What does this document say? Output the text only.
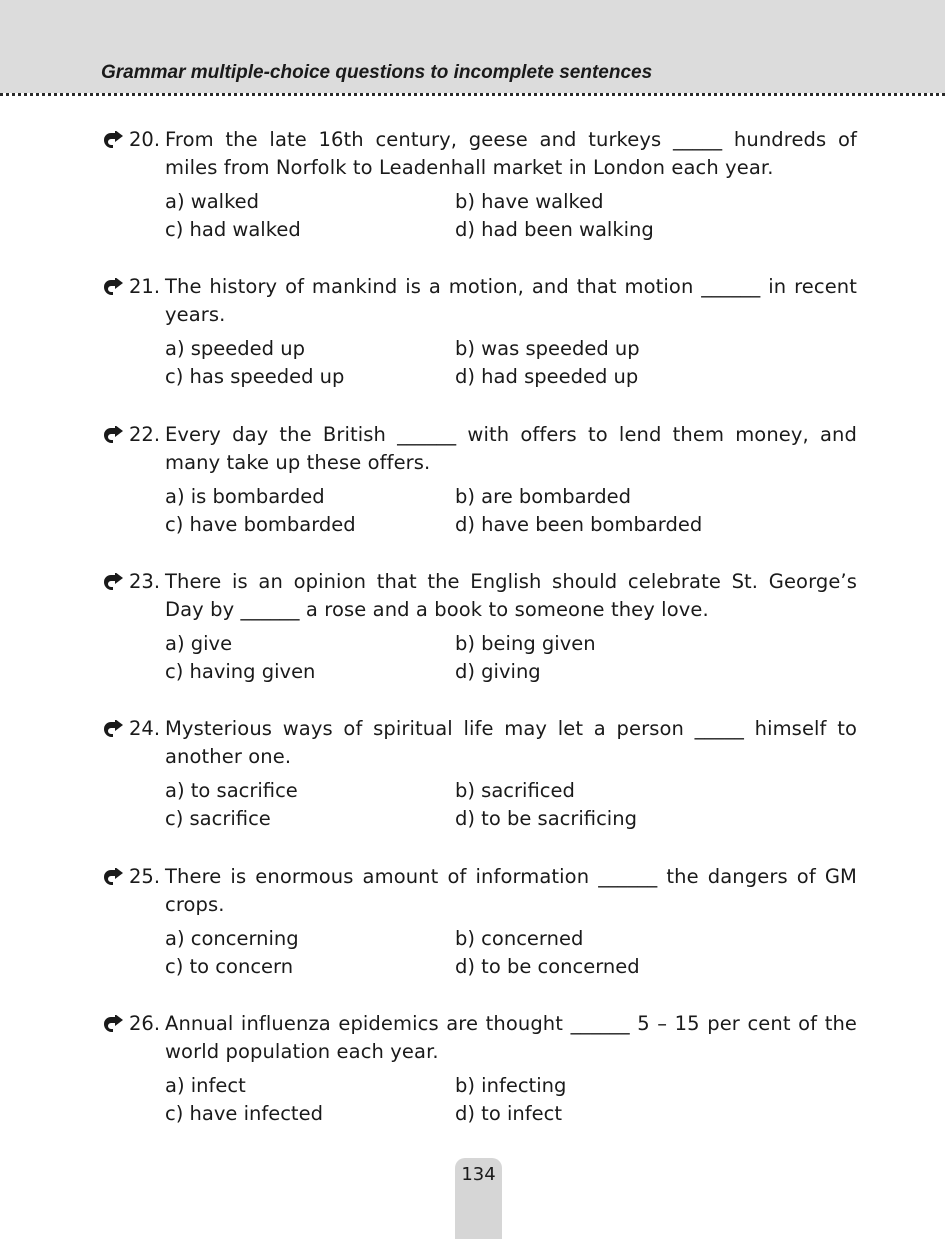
Grammar multiple-choice questions to incomplete sentences
20. From the late 16th century, geese and turkeys _____ hundreds of miles from Norfolk to Leadenhall market in London each year.
a) walked	b) have walked
c) had walked	d) had been walking
21. The history of mankind is a motion, and that motion ______ in recent years.
a) speeded up	b) was speeded up
c) has speeded up	d) had speeded up
22. Every day the British ______ with offers to lend them money, and many take up these offers.
a) is bombarded	b) are bombarded
c) have bombarded	d) have been bombarded
23. There is an opinion that the English should celebrate St. George’s Day by ______ a rose and a book to someone they love.
a) give	b) being given
c) having given	d) giving
24. Mysterious ways of spiritual life may let a person _____ himself to another one.
a) to sacrifice	b) sacrificed
c) sacrifice	d) to be sacrificing
25. There is enormous amount of information ______ the dangers of GM crops.
a) concerning	b) concerned
c) to concern	d) to be concerned
26. Annual influenza epidemics are thought ______ 5 – 15 per cent of the world population each year.
a) infect	b) infecting
c) have infected	d) to infect
134
